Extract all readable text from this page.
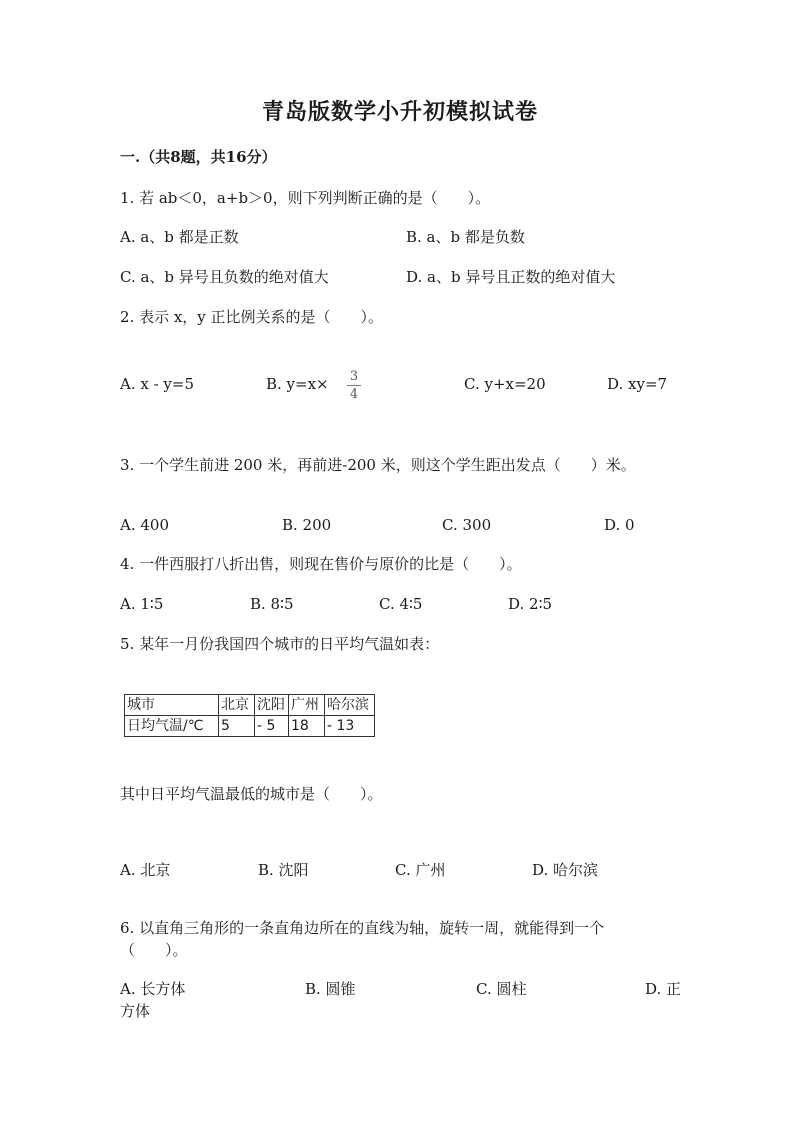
青岛版数学小升初模拟试卷
一.（共8题，共16分）
1. 若 ab＜0，a+b＞0，则下列判断正确的是（　　）。
A. a、b 都是正数	B. a、b 都是负数
C. a、b 异号且负数的绝对值大	D. a、b 异号且正数的绝对值大
2. 表示 x，y 正比例关系的是（　　）。
A. x - y=5	B. y=x× 3
4
C. y+x=20	D. xy=7
3. 一个学生前进 200 米，再前进-200 米，则这个学生距出发点（　　）米。
A. 400	B. 200	C. 300	D. 0
4. 一件西服打八折出售，则现在售价与原价的比是（　　）。
A. 1∶5	B. 8∶5	C. 4∶5	D. 2∶5
5. 某年一月份我国四个城市的日平均气温如表：
城市	北京	沈阳	广州	哈尔滨
日均气温/℃	5	- 5	18	- 13
其中日平均气温最低的城市是（　　）。
A. 北京	B. 沈阳	C. 广州	D. 哈尔滨
6. 以直角三角形的一条直角边所在的直线为轴，旋转一周，就能得到一个
（　　）。
A. 长方体	B. 圆锥	C. 圆柱	D. 正
方体
